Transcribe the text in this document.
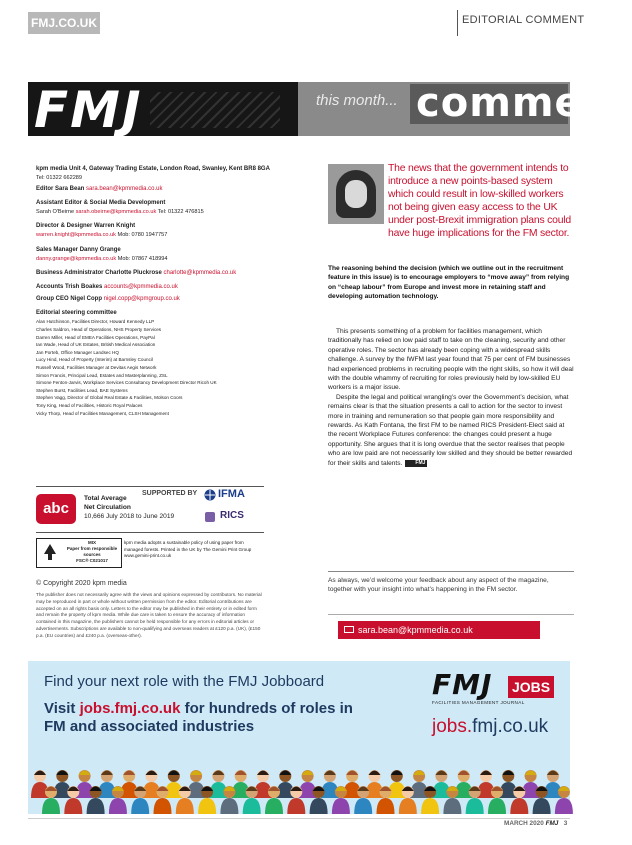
FMJ.CO.UK	EDITORIAL COMMENT
FMJ	this month... comment
kpm media Unit 4, Gateway Trading Estate, London Road, Swanley, Kent BR8 8GA
Tel: 01322 662289
Editor Sara Bean sara.bean@kpmmedia.co.uk
Assistant Editor & Social Media Development
Sarah O'Beirne sarah.obeirne@kpmmedia.co.uk Tel: 01322 476815
Director & Designer Warren Knight
warren.knight@kpmmedia.co.uk Mob: 0780 1947757
Sales Manager Danny Grange
danny.grange@kpmmedia.co.uk Mob: 07867 418994
Business Administrator Charlotte Pluckrose charlotte@kpmmedia.co.uk
Accounts Trish Boakes accounts@kpmmedia.co.uk
Group CEO Nigel Copp nigel.copp@kpmgroup.co.uk
Editorial steering committee
Alan Hutchinson, Facilities Director, Howard Kennedy LLP
Charles Saldron, Head of Operations, NHS Property Services
Darren Miller, Head of EMEA Facilities Operations, PayPal
Ian Wade, Head of UK Estates, British Medical Association
Jan Porteb, Office Manager Landsec HQ
Lucy Hind, Head of Property (Interim) at Barnsley Council
Russell Wood, Facilities Manager at Devitas Aegis Network
Simon Francis, Principal Lead, Estates and Masterplanning, ZSL
Simone Fenton-Jarvis, Workplace Services Consultancy Development Director Ricoh UK
Stephen Burst, Facilities Lead, BAE Systems
Stephen Vagg, Director of Global Real Estate & Facilities, Molson Coors
Tony King, Head of Facilities, Historic Royal Palaces
Vicky Thorp, Head of Facilities Management, CLSH Management
abc
Total Average
Net Circulation
10,666 July 2018 to June 2019
SUPPORTED BY IFMA
RICS
MIX
Paper from responsible sources
FSC® C021017
kpm media adopts a sustainable policy of using paper from managed forests. Printed in the UK by The Gemini Print Group www.gemini-print.co.uk
© Copyright 2020 kpm media
The publisher does not necessarily agree with the views and opinions expressed by contributors. No material may be reproduced in part or whole without written permission from the editor. Editorial contributions are accepted on an all rights basis only. Letters to the editor may be published in their entirety or in edited form and remain the property of kpm media. While due care is taken to ensure the accuracy of information contained in this magazine, the publishers cannot be held responsible for any errors in editorial articles or advertisements. Subscriptions are available to non-qualifying and overseas readers at £120 p.a. (UK), (£150 p.a. (EU countries) and £240 p.a. (overseas-other).
The news that the government intends to introduce a new points-based system which could result in low-skilled workers not being given easy access to the UK under post-Brexit immigration plans could have huge implications for the FM sector.
The reasoning behind the decision (which we outline out in the recruitment feature in this issue) is to encourage employers to “move away” from relying on “cheap labour” from Europe and invest more in retaining staff and developing automation technology.

This presents something of a problem for facilities management, which traditionally has relied on low paid staff to take on the cleaning, security and other operative roles. The sector has already been coping with a widespread skills challenge. A survey by the IWFM last year found that 75 per cent of FM businesses had experienced problems in recruiting people with the right skills, so how it will deal with the double whammy of recruiting for roles previously held by low-skilled EU workers is a major issue.

Despite the legal and political wrangling’s over the Government’s decision, what remains clear is that the situation presents a call to action for the sector to invest more in training and remuneration so that people gain more responsibility and rewards. As Kath Fontana, the first FM to be named RICS President-Elect said at the recent Workplace Futures conference: the changes could present a huge opportunity. She argues that it is long overdue that the sector realises that people who are low paid are not necessarily low skilled and they should be better rewarded for their skills and talents.	FMJ

As always, we’d welcome your feedback about any aspect of the magazine, together with your insight into what’s happening in the FM sector.
sara.bean@kpmmedia.co.uk
Find your next role with the FMJ Jobboard
Visit jobs.fmj.co.uk for hundreds of roles in FM and associated industries
FMJ JOBS
FACILITIES MANAGEMENT JOURNAL
jobs.fmj.co.uk
MARCH 2020 FMJ 3
